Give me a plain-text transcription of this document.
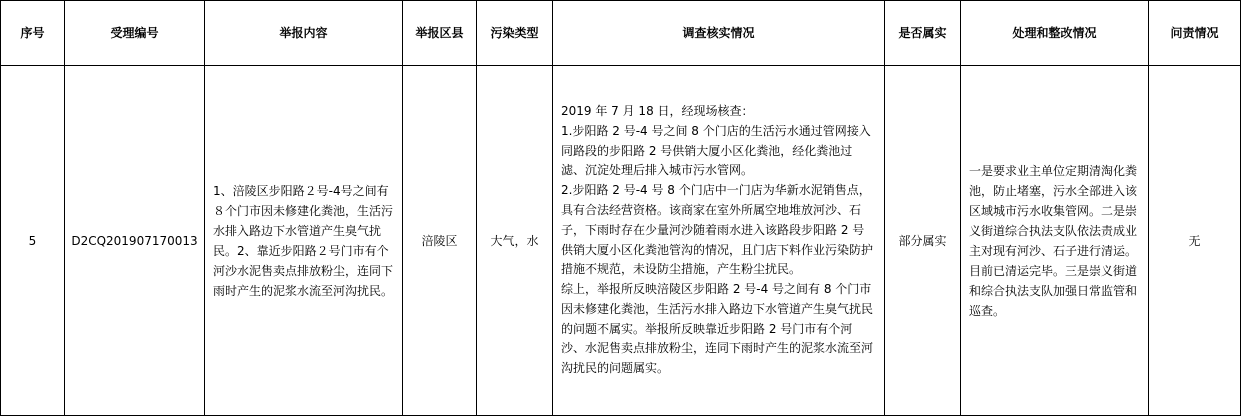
序号	受理编号	举报内容	举报区县	污染类型	调查核实情况	是否属实	处理和整改情况	问责情况
5	D2CQ201907170013	1、涪陵区步阳路２号-4号之间有８个门市因未修建化粪池，生活污水排入路边下水管道产生臭气扰民。2、靠近步阳路２号门市有个河沙水泥售卖点排放粉尘，连同下雨时产生的泥浆水流至河沟扰民。	涪陵区	大气，水	2019 年 7 月 18 日，经现场核查：

1.步阳路 2 号-4 号之间 8 个门店的生活污水通过管网接入同路段的步阳路 2 号供销大厦小区化粪池，经化粪池过滤、沉淀处理后排入城市污水管网。

2.步阳路 2 号-4 号 8 个门店中一门店为华新水泥销售点，具有合法经营资格。该商家在室外所属空地堆放河沙、石子，下雨时存在少量河沙随着雨水进入该路段步阳路 2 号供销大厦小区化粪池管沟的情况，且门店下料作业污染防护措施不规范，未设防尘措施，产生粉尘扰民。

综上，举报所反映涪陵区步阳路 2 号-4 号之间有 8 个门市因未修建化粪池，生活污水排入路边下水管道产生臭气扰民的问题不属实。举报所反映靠近步阳路 2 号门市有个河沙、水泥售卖点排放粉尘，连同下雨时产生的泥浆水流至河沟扰民的问题属实。	部分属实	一是要求业主单位定期清淘化粪池，防止堵塞，污水全部进入该区域城市污水收集管网。二是崇义街道综合执法支队依法责成业主对现有河沙、石子进行清运。目前已清运完毕。三是崇义街道和综合执法支队加强日常监管和巡查。	无
